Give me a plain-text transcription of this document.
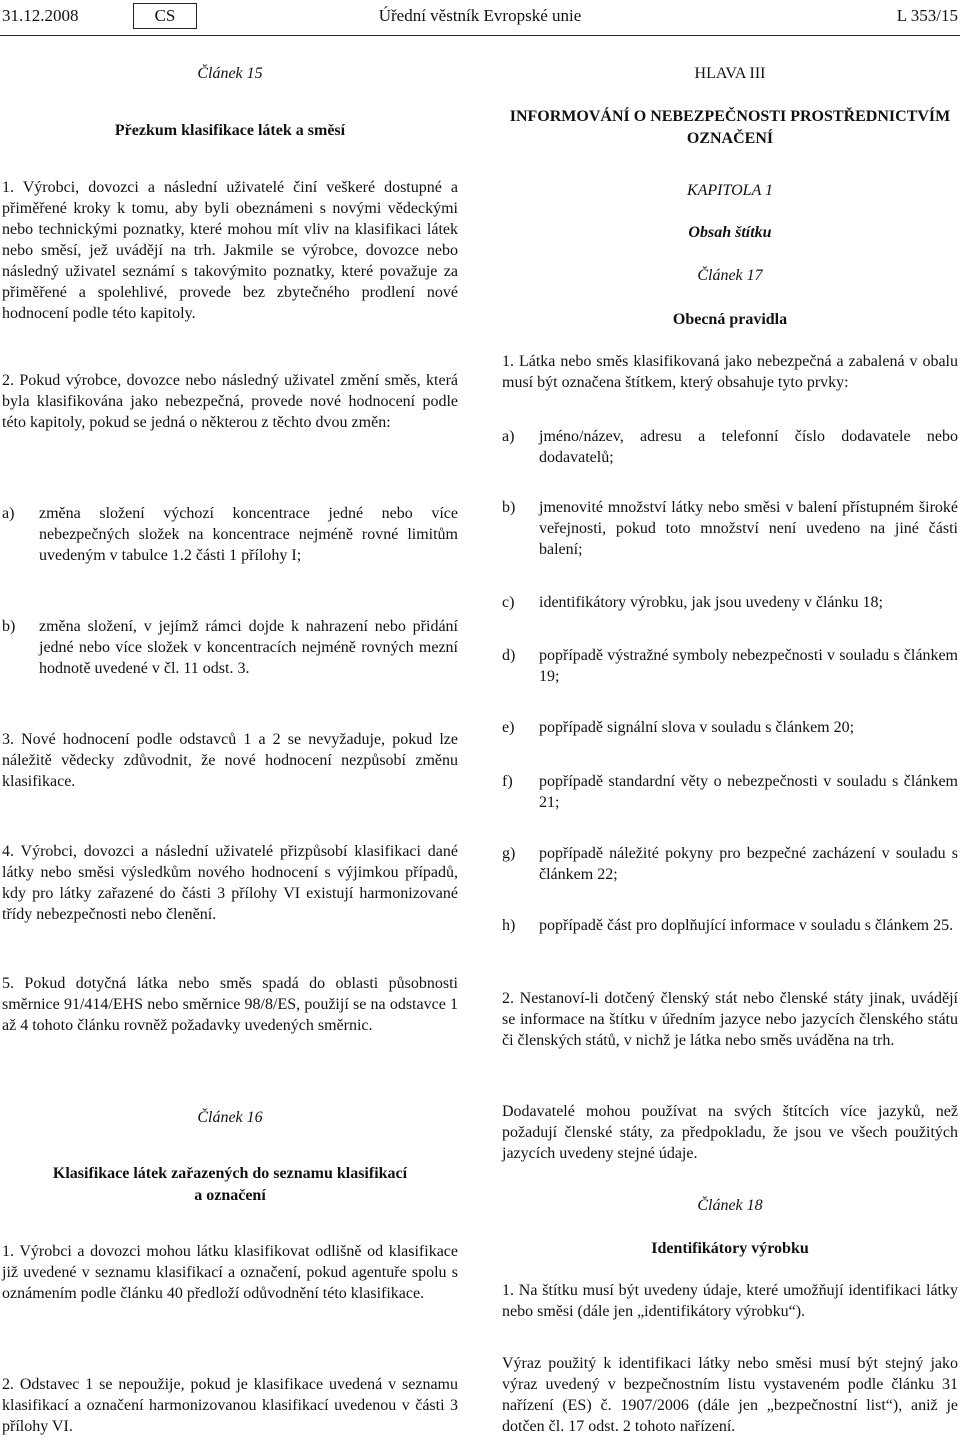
31.12.2008	CS	Úřední věstník Evropské unie	L 353/15
Článek 15
Přezkum klasifikace látek a směsí
1. Výrobci, dovozci a následní uživatelé činí veškeré dostupné a přiměřené kroky k tomu, aby byli obeznámeni s novými vědeckými nebo technickými poznatky, které mohou mít vliv na klasifikaci látek nebo směsí, jež uvádějí na trh. Jakmile se výrobce, dovozce nebo následný uživatel seznámí s takovýmito poznatky, které považuje za přiměřené a spolehlivé, provede bez zbytečného prodlení nové hodnocení podle této kapitoly.
2. Pokud výrobce, dovozce nebo následný uživatel změní směs, která byla klasifikována jako nebezpečná, provede nové hodnocení podle této kapitoly, pokud se jedná o některou z těchto dvou změn:
a)	změna složení výchozí koncentrace jedné nebo více nebezpečných složek na koncentrace nejméně rovné limitům uvedeným v tabulce 1.2 části 1 přílohy I;
b)	změna složení, v jejímž rámci dojde k nahrazení nebo přidání jedné nebo více složek v koncentracích nejméně rovných mezní hodnotě uvedené v čl. 11 odst. 3.
3. Nové hodnocení podle odstavců 1 a 2 se nevyžaduje, pokud lze náležitě vědecky zdůvodnit, že nové hodnocení nezpůsobí změnu klasifikace.
4. Výrobci, dovozci a následní uživatelé přizpůsobí klasifikaci dané látky nebo směsi výsledkům nového hodnocení s výjimkou případů, kdy pro látky zařazené do části 3 přílohy VI existují harmonizované třídy nebezpečnosti nebo členění.
5. Pokud dotyčná látka nebo směs spadá do oblasti působnosti směrnice 91/414/EHS nebo směrnice 98/8/ES, použijí se na odstavce 1 až 4 tohoto článku rovněž požadavky uvedených směrnic.
Článek 16
Klasifikace látek zařazených do seznamu klasifikací
a označení
1. Výrobci a dovozci mohou látku klasifikovat odlišně od klasifikace již uvedené v seznamu klasifikací a označení, pokud agentuře spolu s oznámením podle článku 40 předloží odůvodnění této klasifikace.
2. Odstavec 1 se nepoužije, pokud je klasifikace uvedená v seznamu klasifikací a označení harmonizovanou klasifikací uvedenou v části 3 přílohy VI.
HLAVA III
INFORMOVÁNÍ O NEBEZPEČNOSTI PROSTŘEDNICTVÍM
OZNAČENÍ
KAPITOLA 1
Obsah štítku
Článek 17
Obecná pravidla
1. Látka nebo směs klasifikovaná jako nebezpečná a zabalená v obalu musí být označena štítkem, který obsahuje tyto prvky:
a)	jméno/název, adresu a telefonní číslo dodavatele nebo dodavatelů;
b)	jmenovité množství látky nebo směsi v balení přístupném široké veřejnosti, pokud toto množství není uvedeno na jiné části balení;
c)	identifikátory výrobku, jak jsou uvedeny v článku 18;
d)	popřípadě výstražné symboly nebezpečnosti v souladu s článkem 19;
e)	popřípadě signální slova v souladu s článkem 20;
f)	popřípadě standardní věty o nebezpečnosti v souladu s článkem 21;
g)	popřípadě náležité pokyny pro bezpečné zacházení v souladu s článkem 22;
h)	popřípadě část pro doplňující informace v souladu s článkem 25.
2. Nestanoví-li dotčený členský stát nebo členské státy jinak, uvádějí se informace na štítku v úředním jazyce nebo jazycích členského státu či členských států, v nichž je látka nebo směs uváděna na trh.
Dodavatelé mohou používat na svých štítcích více jazyků, než požadují členské státy, za předpokladu, že jsou ve všech použitých jazycích uvedeny stejné údaje.
Článek 18
Identifikátory výrobku
1. Na štítku musí být uvedeny údaje, které umožňují identifikaci látky nebo směsi (dále jen „identifikátory výrobku“).
Výraz použitý k identifikaci látky nebo směsi musí být stejný jako výraz uvedený v bezpečnostním listu vystaveném podle článku 31 nařízení (ES) č. 1907/2006 (dále jen „bezpečnostní list“), aniž je dotčen čl. 17 odst. 2 tohoto nařízení.
